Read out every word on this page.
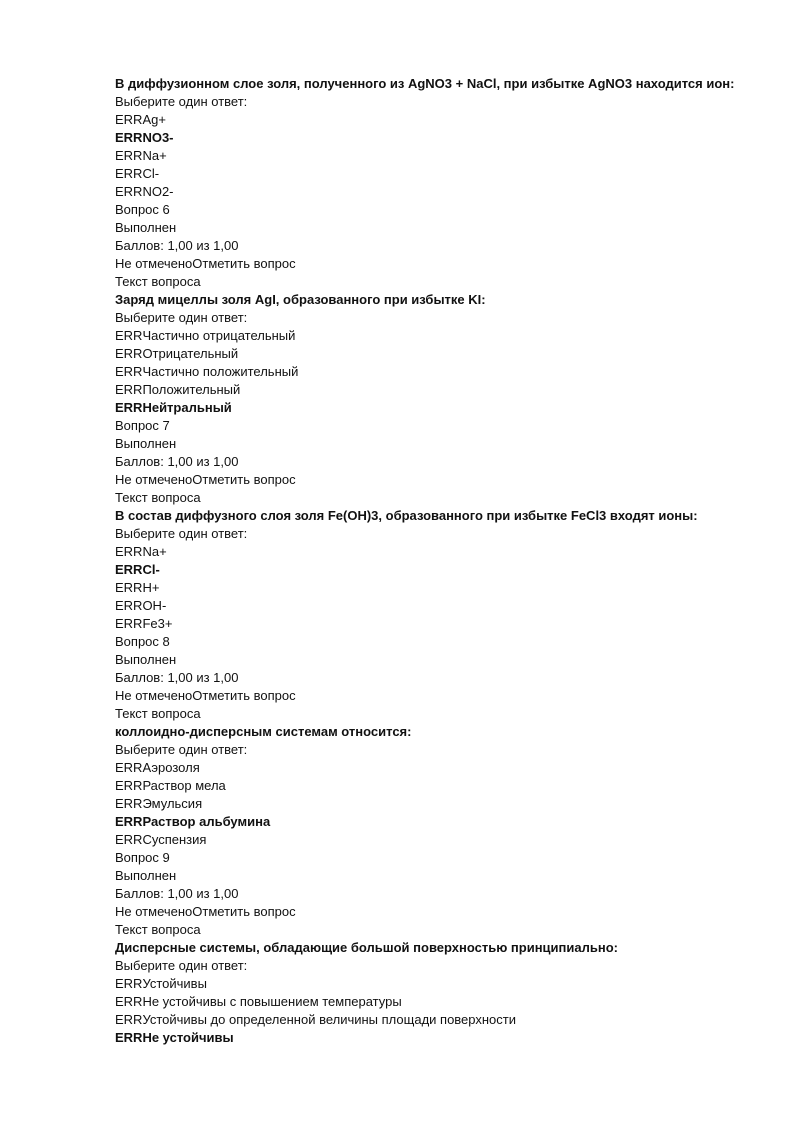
В диффузионном слое золя, полученного из AgNO3 + NaCl, при избытке AgNO3 находится ион:
Выберите один ответ:
ERRAg+
ERRNO3-
ERRNa+
ERRCl-
ERRNO2-
Вопрос 6
Выполнен
Баллов: 1,00 из 1,00
Не отмеченоОтметить вопрос
Текст вопроса
Заряд мицеллы золя AgI, образованного при избытке KI:
Выберите один ответ:
ERRЧастично отрицательный
ERRОтрицательный
ERRЧастично положительный
ERRПоложительный
ERRНейтральный
Вопрос 7
Выполнен
Баллов: 1,00 из 1,00
Не отмеченоОтметить вопрос
Текст вопроса
В состав диффузного слоя золя Fe(OH)3, образованного при избытке FeCl3 входят ионы:
Выберите один ответ:
ERRNa+
ERRCl-
ERRH+
ERROH-
ERRFe3+
Вопрос 8
Выполнен
Баллов: 1,00 из 1,00
Не отмеченоОтметить вопрос
Текст вопроса
коллоидно-дисперсным системам относится:
Выберите один ответ:
ERRАэрозоля
ERRРаствор мела
ERRЭмульсия
ERRРаствор альбумина
ERRСуспензия
Вопрос 9
Выполнен
Баллов: 1,00 из 1,00
Не отмеченоОтметить вопрос
Текст вопроса
Дисперсные системы, обладающие большой поверхностью принципиально:
Выберите один ответ:
ERRУстойчивы
ERRНе устойчивы с повышением температуры
ERRУстойчивы до определенной величины площади поверхности
ERRНе устойчивы
